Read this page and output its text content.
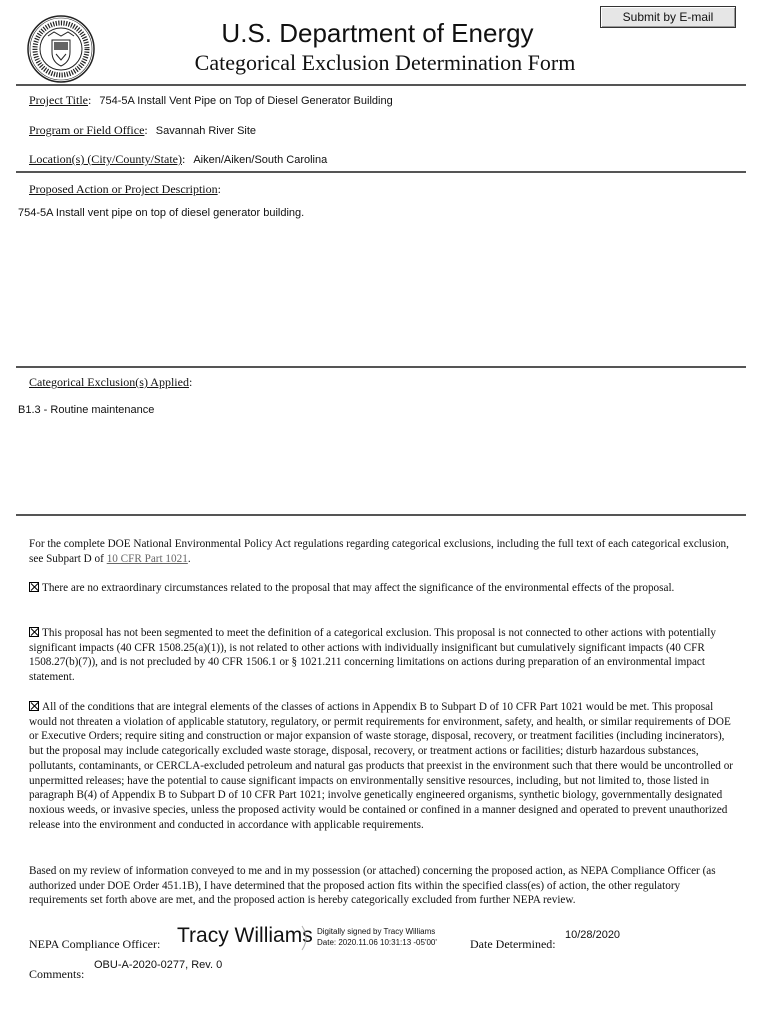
U.S. Department of Energy
Categorical Exclusion Determination Form
Submit by E-mail
Project Title: 754-5A Install Vent Pipe on Top of Diesel Generator Building
Program or Field Office: Savannah River Site
Location(s) (City/County/State): Aiken/Aiken/South Carolina
Proposed Action or Project Description:
754-5A Install vent pipe on top of diesel generator building.
Categorical Exclusion(s) Applied:
B1.3 - Routine maintenance
For the complete DOE National Environmental Policy Act regulations regarding categorical exclusions, including the full text of each categorical exclusion, see Subpart D of 10 CFR Part 1021.
There are no extraordinary circumstances related to the proposal that may affect the significance of the environmental effects of the proposal.
This proposal has not been segmented to meet the definition of a categorical exclusion. This proposal is not connected to other actions with potentially significant impacts (40 CFR 1508.25(a)(1)), is not related to other actions with individually insignificant but cumulatively significant impacts (40 CFR 1508.27(b)(7)), and is not precluded by 40 CFR 1506.1 or § 1021.211 concerning limitations on actions during preparation of an environmental impact statement.
All of the conditions that are integral elements of the classes of actions in Appendix B to Subpart D of 10 CFR Part 1021 would be met. This proposal would not threaten a violation of applicable statutory, regulatory, or permit requirements for environment, safety, and health, or similar requirements of DOE or Executive Orders; require siting and construction or major expansion of waste storage, disposal, recovery, or treatment facilities (including incinerators), but the proposal may include categorically excluded waste storage, disposal, recovery, or treatment actions or facilities; disturb hazardous substances, pollutants, contaminants, or CERCLA-excluded petroleum and natural gas products that preexist in the environment such that there would be uncontrolled or unpermitted releases; have the potential to cause significant impacts on environmentally sensitive resources, including, but not limited to, those listed in paragraph B(4) of Appendix B to Subpart D of 10 CFR Part 1021; involve genetically engineered organisms, synthetic biology, governmentally designated noxious weeds, or invasive species, unless the proposed activity would be contained or confined in a manner designed and operated to prevent unauthorized release into the environment and conducted in accordance with applicable requirements.
Based on my review of information conveyed to me and in my possession (or attached) concerning the proposed action, as NEPA Compliance Officer (as authorized under DOE Order 451.1B), I have determined that the proposed action fits within the specified class(es) of action, the other regulatory requirements set forth above are met, and the proposed action is hereby categorically excluded from further NEPA review.
NEPA Compliance Officer: Tracy Williams Digitally signed by Tracy Williams
Date: 2020.11.06 10:31:13 -05'00'	Date Determined:
10/28/2020
Comments:
OBU-A-2020-0277, Rev. 0
